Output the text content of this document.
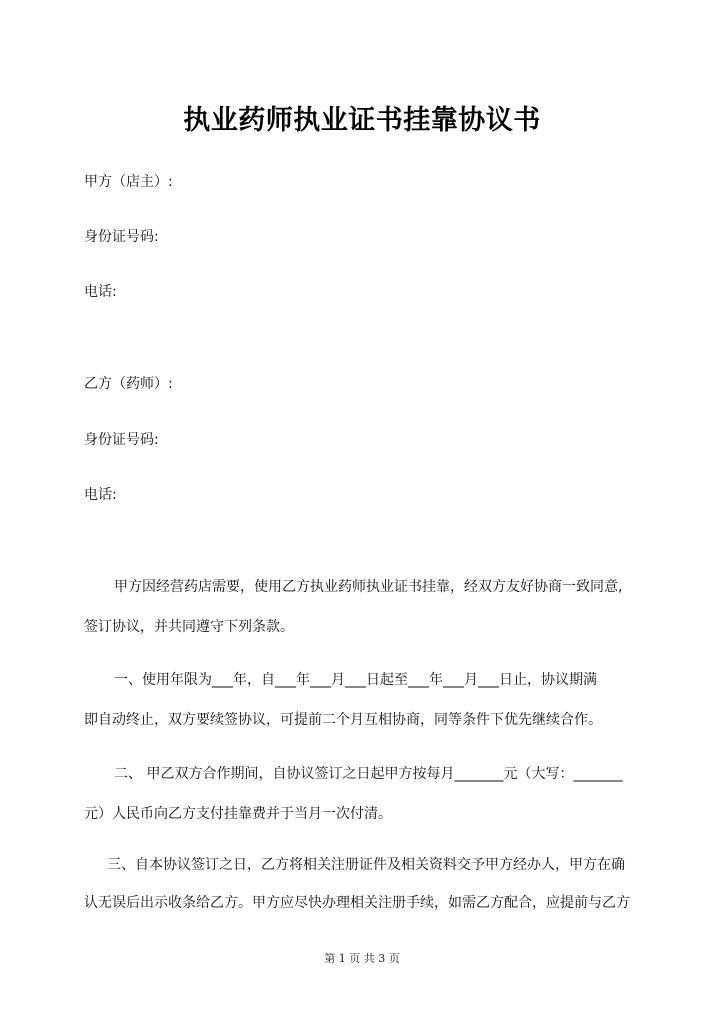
执业药师执业证书挂靠协议书
甲方（店主）:
身份证号码:
电话:
乙方（药师）:
身份证号码:
电话:
甲方因经营药店需要，使用乙方执业药师执业证书挂靠，经双方友好协商一致同意,
签订协议，并共同遵守下列条款。
一、使用年限为___年，自___年___月___日起至___年___月___日止，协议期满
即自动终止，双方要续签协议，可提前二个月互相协商，同等条件下优先继续合作。
二、 甲乙双方合作期间，自协议签订之日起甲方按每月_______元（大写：_______
元）人民币向乙方支付挂靠费并于当月一次付清。
三、自本协议签订之日，乙方将相关注册证件及相关资料交予甲方经办人，甲方在确
认无误后出示收条给乙方。甲方应尽快办理相关注册手续，如需乙方配合，应提前与乙方
第 1 页 共 3 页
